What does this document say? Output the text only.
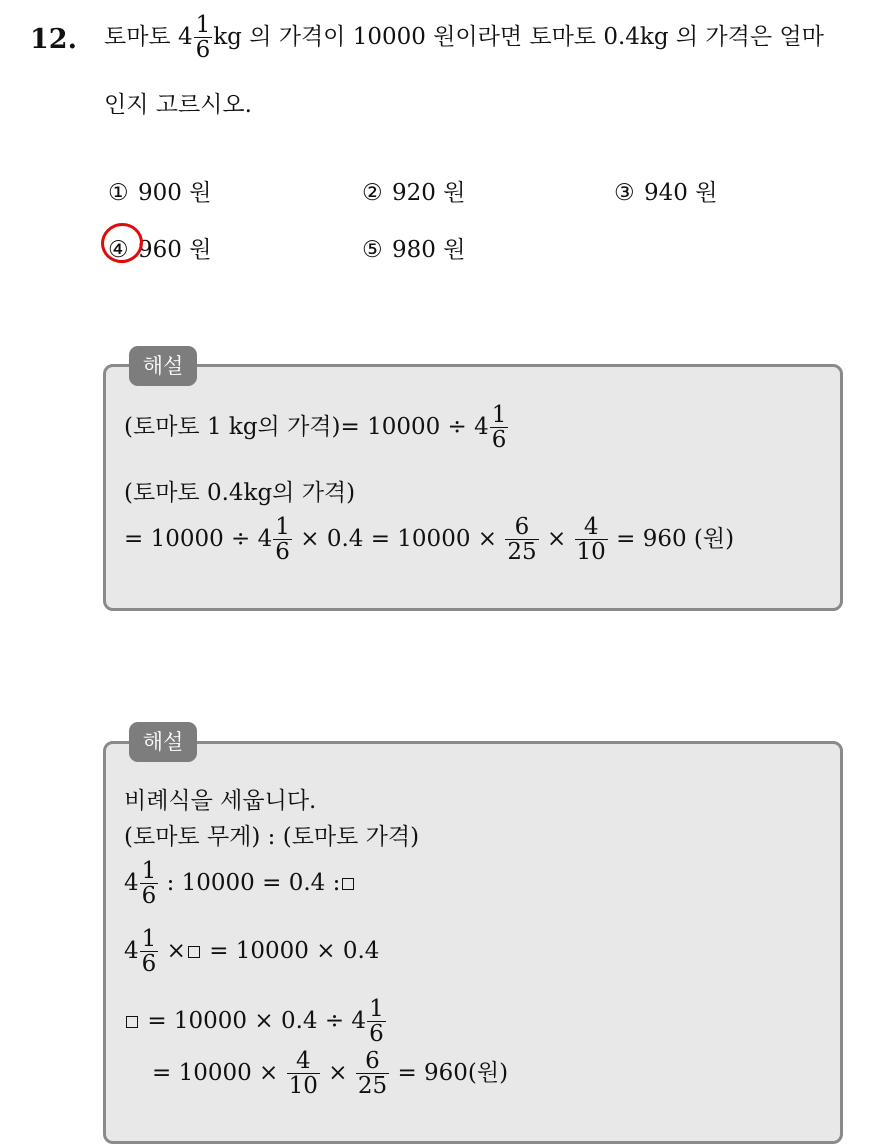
12. 토마토 $4 \frac{1}{6}$ kg 의 가격이 10000 원이라면 토마토 0.4kg 의 가격은 얼마
인지 고르시오.
① 900 원	② 920 원	③ 940 원
④ 960 원	⑤ 980 원
해설
(토마토 1 kg의 가격)= $10000 \div 4 \frac{1}{6}$
(토마토 0.4kg의 가격)
= $10000 \div 4 \frac{1}{6} \times 0.4 = 10000 \times \frac{6}{25} \times \frac{4}{10} = 960$ (원)
해설
비례식을 세웁니다.
(토마토 무게) : (토마토 가격)
$4 \frac{1}{6}$ : 10000 = 0.4 :
$4 \frac{1}{6}$ × = 10000 × 0.4
= $10000 \times 0.4 \div 4 \frac{1}{6}$
= $10000 \times \frac{4}{10} \times \frac{6}{25} = 960$(원)
